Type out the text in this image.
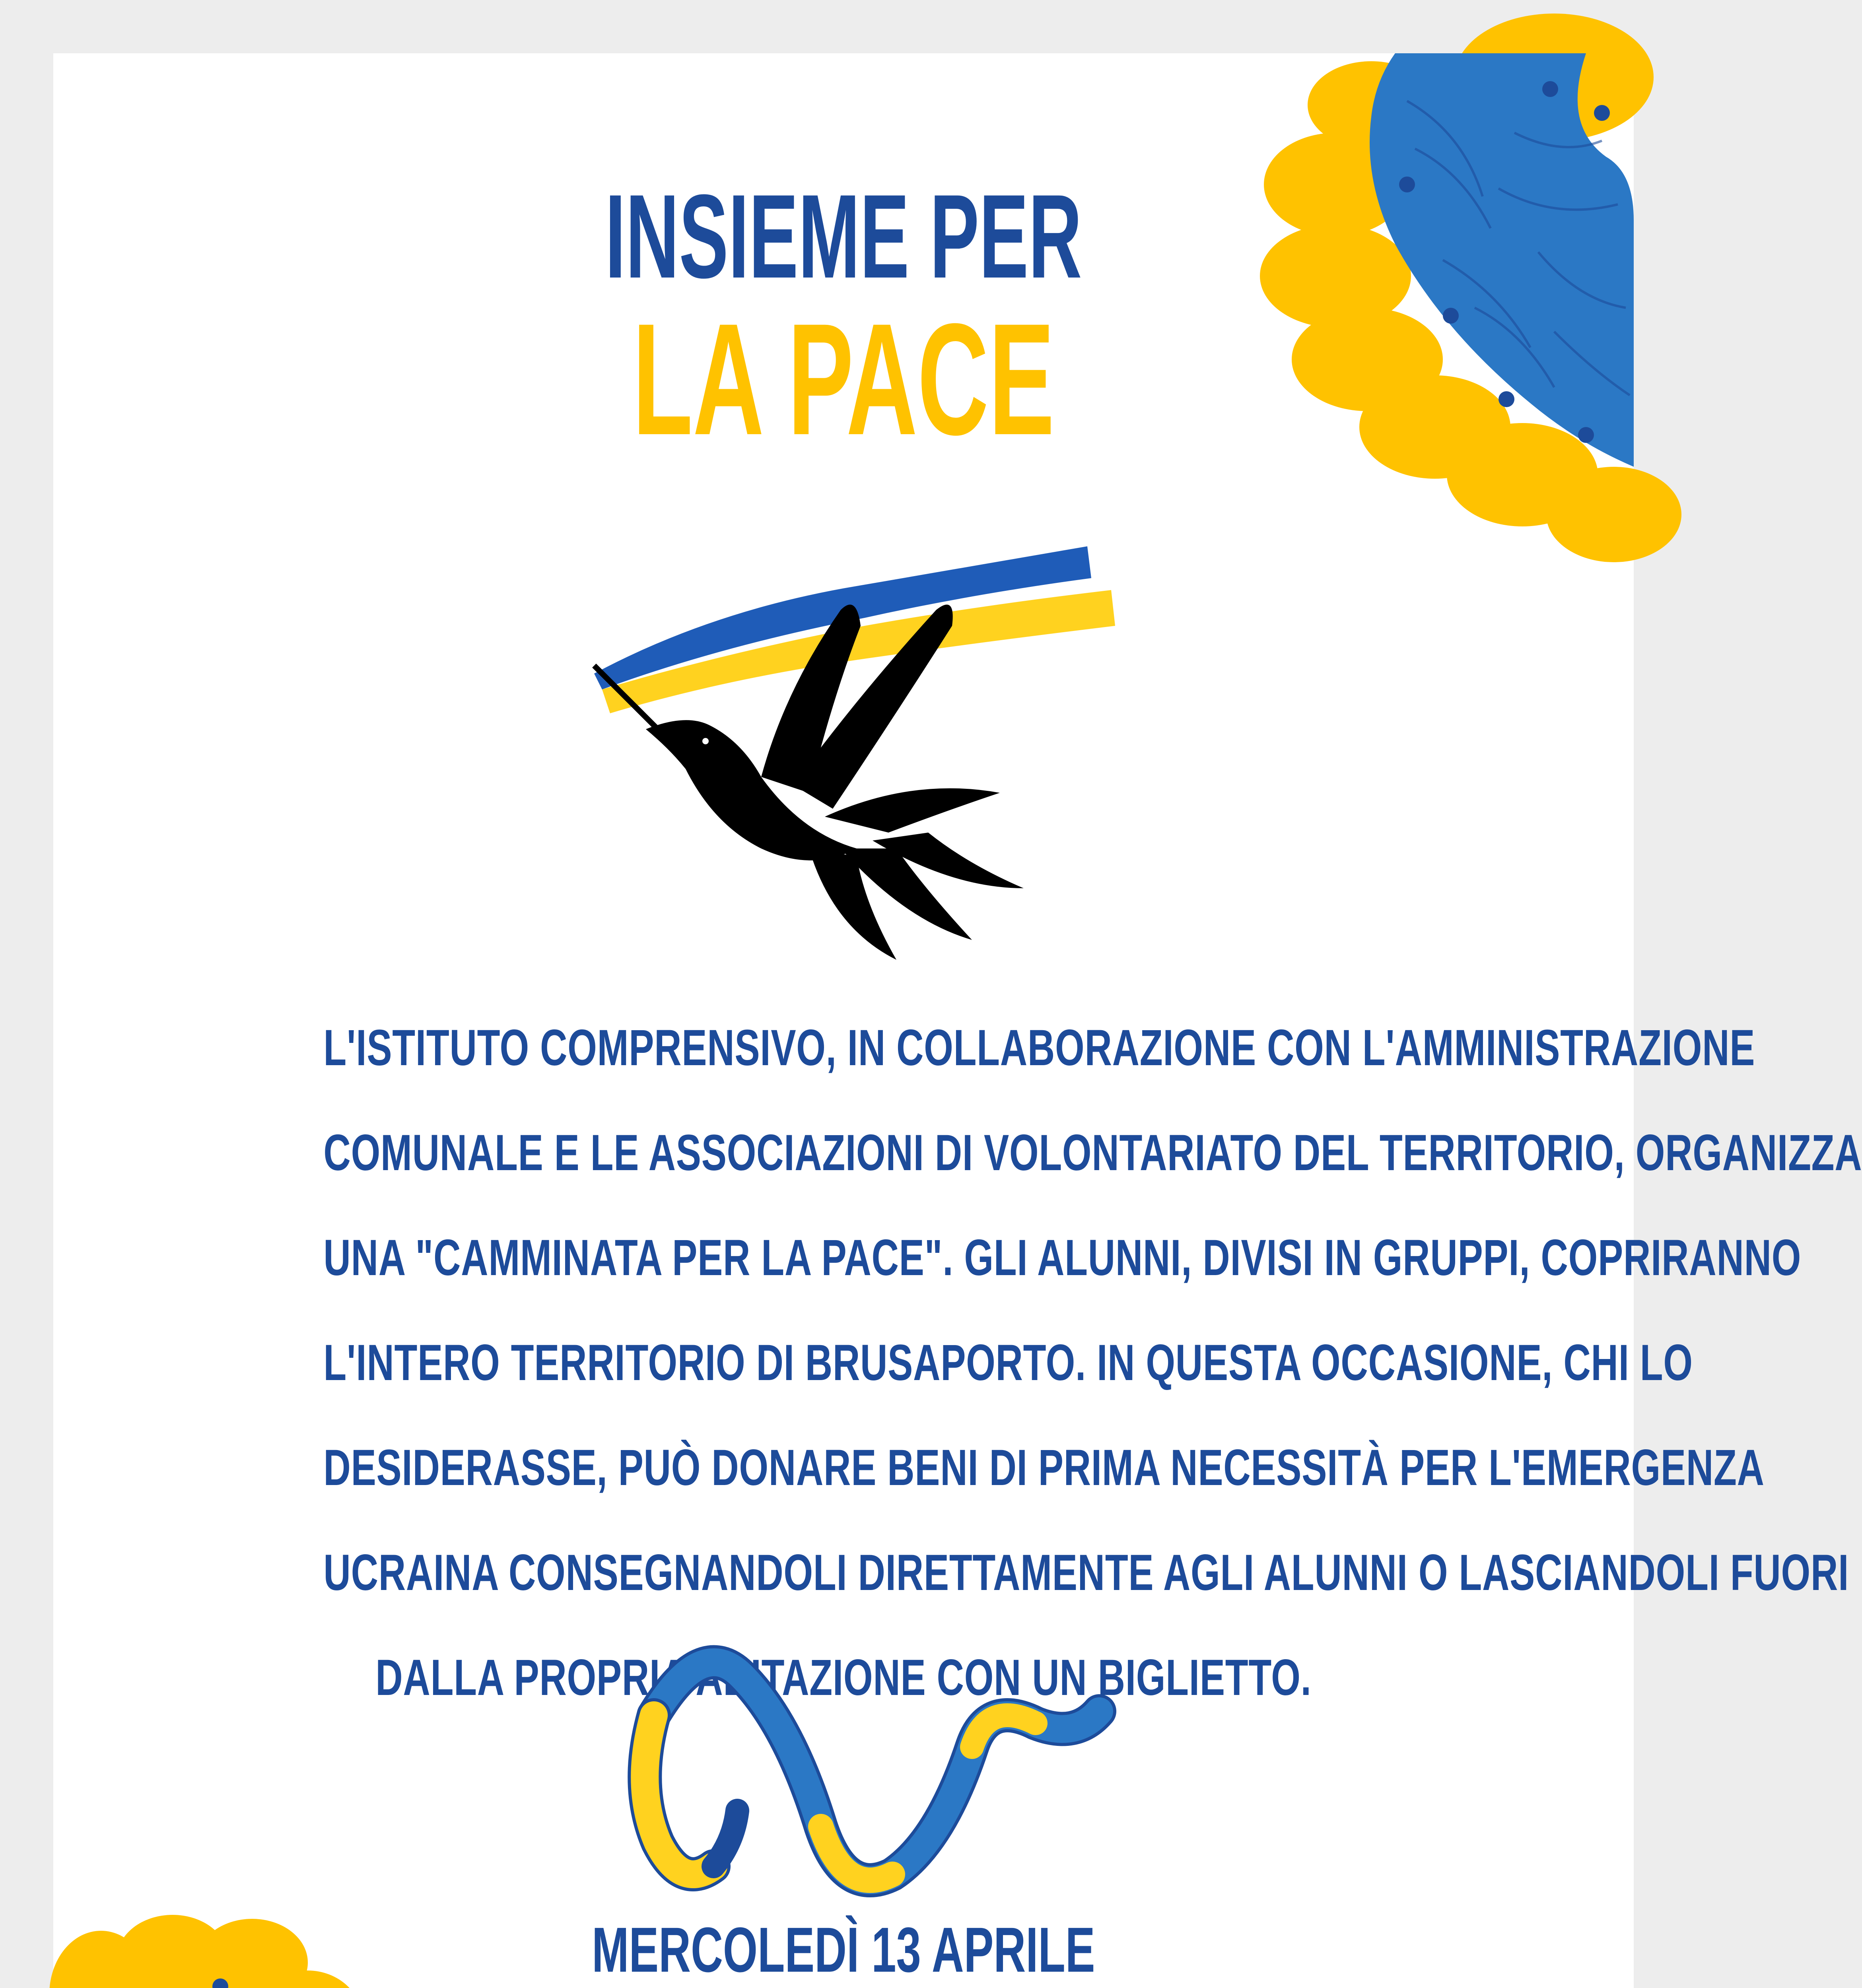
INSIEME PER
LA PACE
L'ISTITUTO COMPRENSIVO, IN COLLABORAZIONE CON L'AMMINISTRAZIONE
COMUNALE E LE ASSOCIAZIONI DI VOLONTARIATO DEL TERRITORIO, ORGANIZZA
UNA "CAMMINATA PER LA PACE". GLI ALUNNI, DIVISI IN GRUPPI, COPRIRANNO
L'INTERO TERRITORIO DI BRUSAPORTO. IN QUESTA OCCASIONE, CHI LO
DESIDERASSE, PUÒ DONARE BENI DI PRIMA NECESSITÀ PER L'EMERGENZA
UCRAINA CONSEGNANDOLI DIRETTAMENTE AGLI ALUNNI O LASCIANDOLI FUORI
DALLA PROPRIA ABITAZIONE CON UN BIGLIETTO.
MERCOLEDÌ 13 APRILE
